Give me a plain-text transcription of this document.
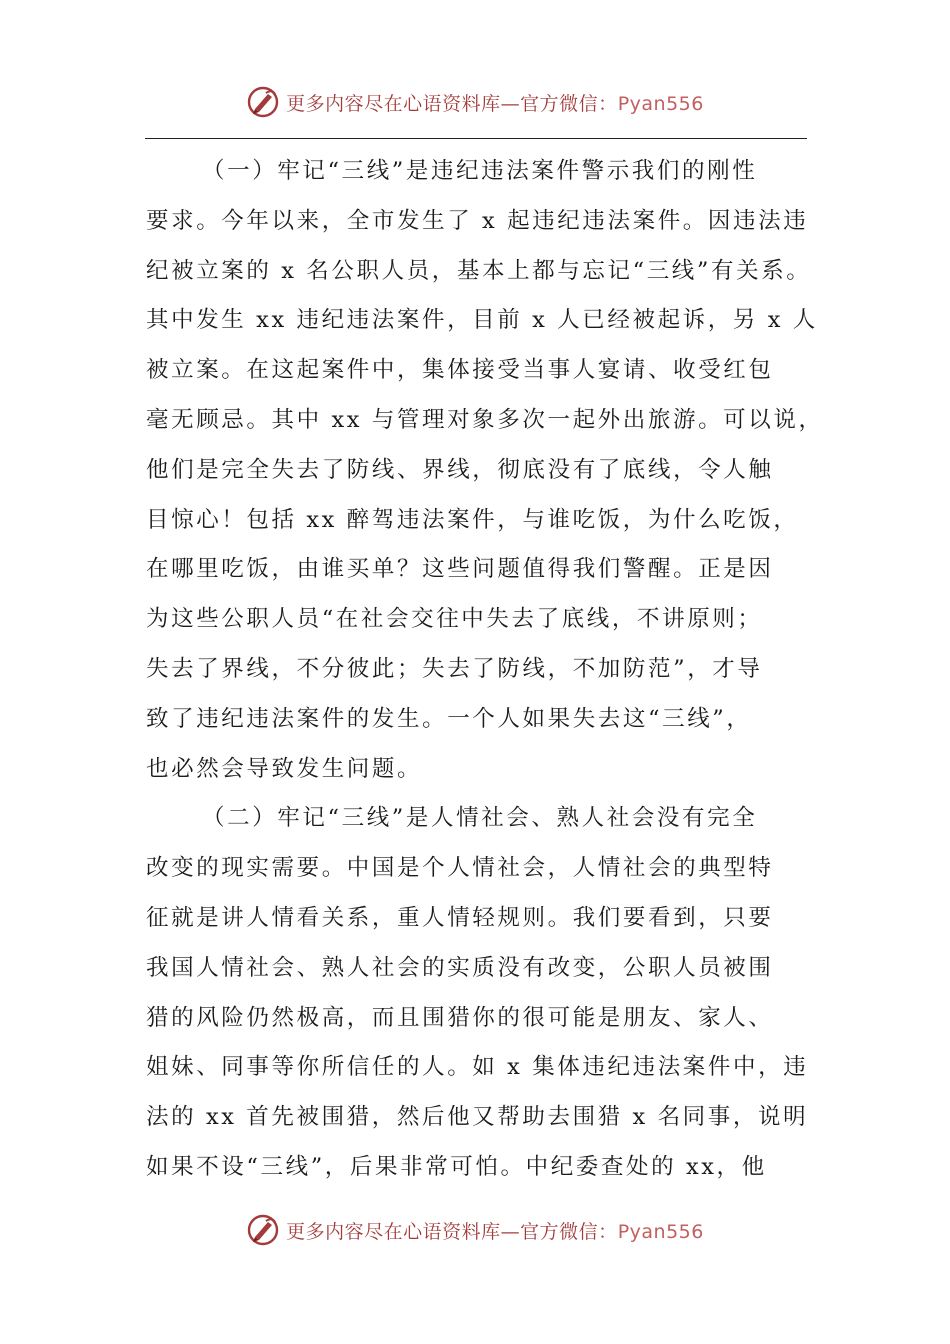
更多内容尽在心语资料库—官方微信：Pyan556
（一）牢记“三线”是违纪违法案件警示我们的刚性
要求。今年以来，全市发生了 x 起违纪违法案件。因违法违
纪被立案的 x 名公职人员，基本上都与忘记“三线”有关系。
其中发生 xx 违纪违法案件，目前 x 人已经被起诉，另 x 人
被立案。在这起案件中，集体接受当事人宴请、收受红包
毫无顾忌。其中 xx 与管理对象多次一起外出旅游。可以说，
他们是完全失去了防线、界线，彻底没有了底线，令人触
目惊心！包括 xx 醉驾违法案件，与谁吃饭，为什么吃饭，
在哪里吃饭，由谁买单？这些问题值得我们警醒。正是因
为这些公职人员“在社会交往中失去了底线，不讲原则；
失去了界线，不分彼此；失去了防线，不加防范”，才导
致了违纪违法案件的发生。一个人如果失去这“三线”，
也必然会导致发生问题。
（二）牢记“三线”是人情社会、熟人社会没有完全
改变的现实需要。中国是个人情社会，人情社会的典型特
征就是讲人情看关系，重人情轻规则。我们要看到，只要
我国人情社会、熟人社会的实质没有改变，公职人员被围
猎的风险仍然极高，而且围猎你的很可能是朋友、家人、
姐妹、同事等你所信任的人。如 x 集体违纪违法案件中，违
法的 xx 首先被围猎，然后他又帮助去围猎 x 名同事，说明
如果不设“三线”，后果非常可怕。中纪委查处的 xx，他
更多内容尽在心语资料库—官方微信：Pyan556
